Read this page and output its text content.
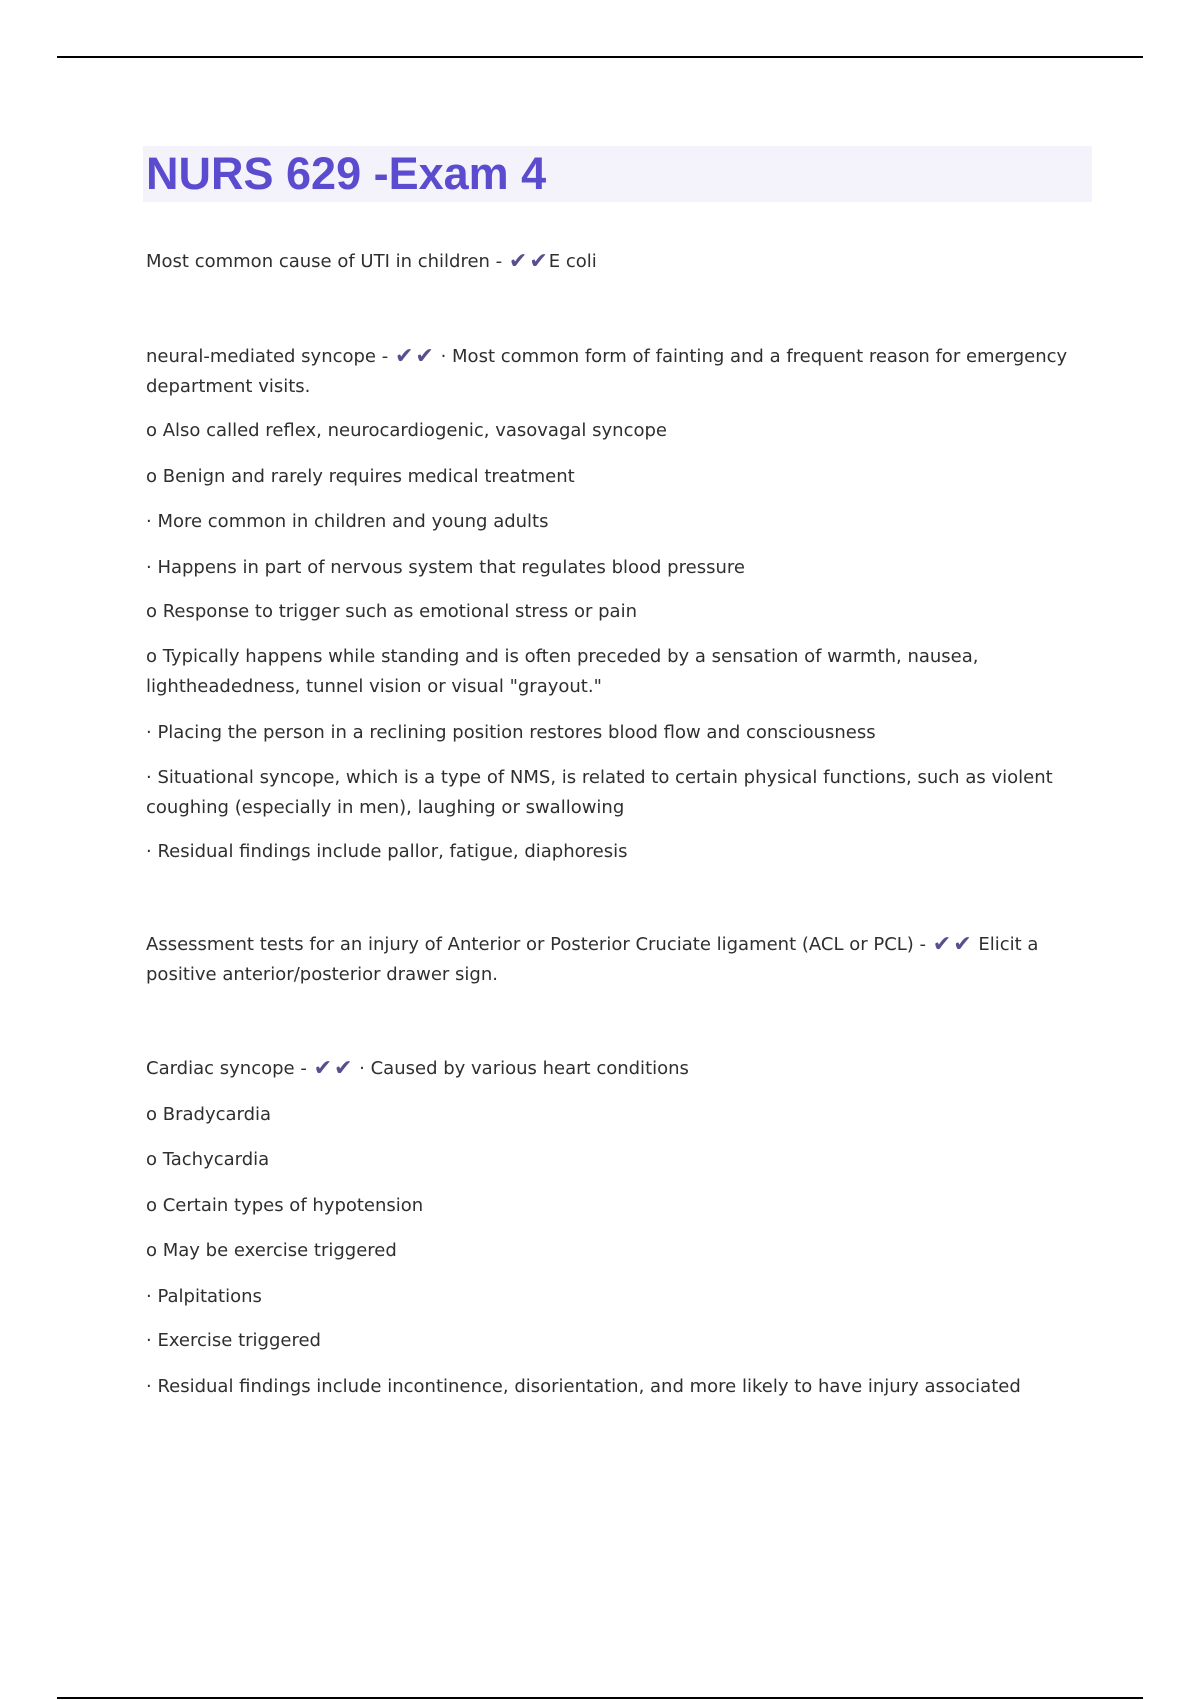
NURS 629 -Exam 4

Most common cause of UTI in children - ✔✔E coli

neural-mediated syncope - ✔✔ · Most common form of fainting and a frequent reason for emergency department visits.

o Also called reflex, neurocardiogenic, vasovagal syncope

o Benign and rarely requires medical treatment

· More common in children and young adults

· Happens in part of nervous system that regulates blood pressure

o Response to trigger such as emotional stress or pain

o Typically happens while standing and is often preceded by a sensation of warmth, nausea, lightheadedness, tunnel vision or visual "grayout."

· Placing the person in a reclining position restores blood flow and consciousness

· Situational syncope, which is a type of NMS, is related to certain physical functions, such as violent coughing (especially in men), laughing or swallowing

· Residual findings include pallor, fatigue, diaphoresis

Assessment tests for an injury of Anterior or Posterior Cruciate ligament (ACL or PCL) - ✔✔ Elicit a positive anterior/posterior drawer sign.

Cardiac syncope - ✔✔ · Caused by various heart conditions

o Bradycardia

o Tachycardia

o Certain types of hypotension

o May be exercise triggered

· Palpitations

· Exercise triggered

· Residual findings include incontinence, disorientation, and more likely to have injury associated
